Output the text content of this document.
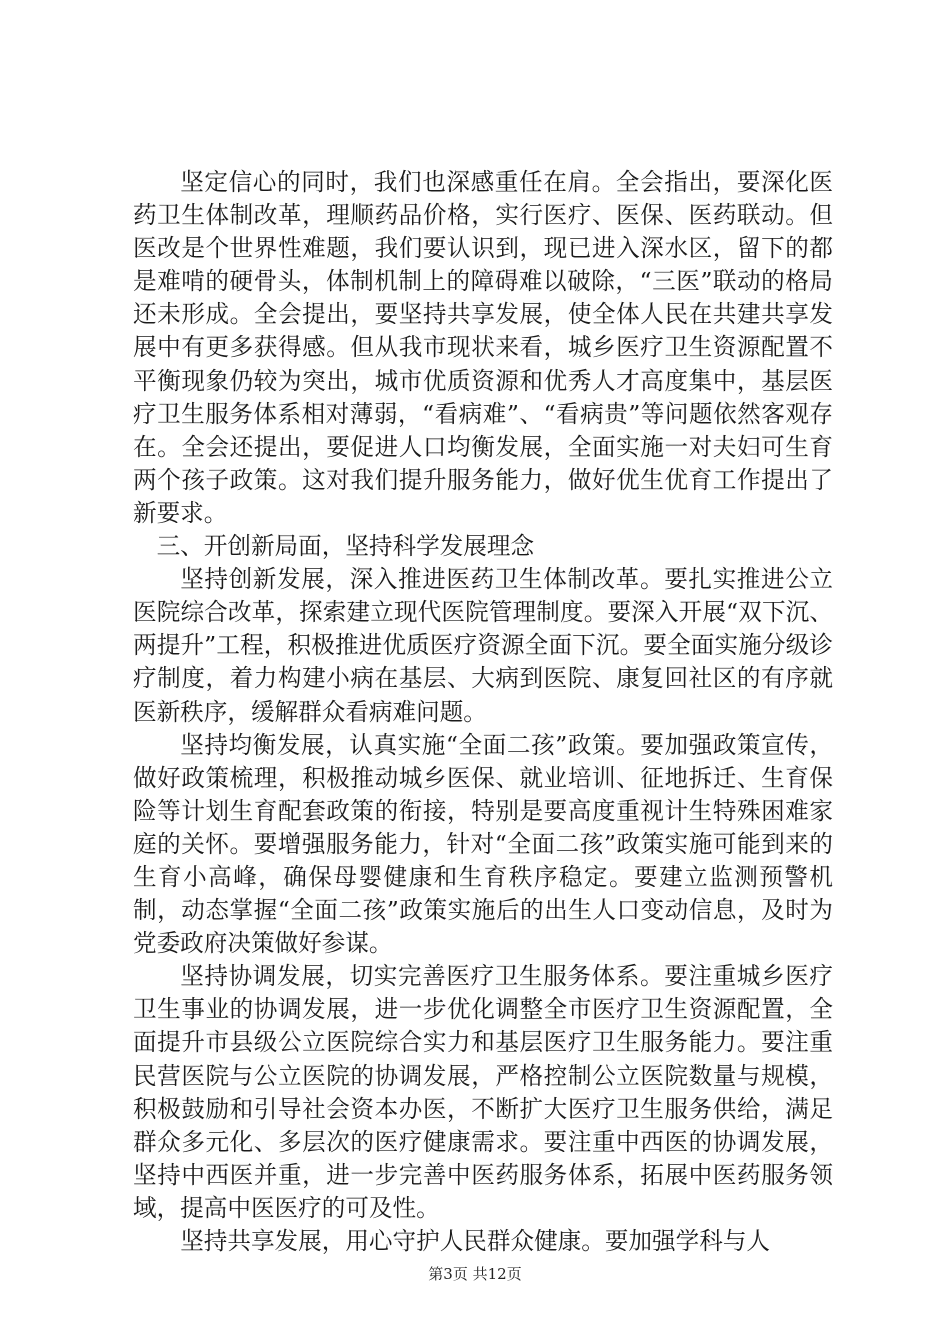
坚定信心的同时，我们也深感重任在肩。全会指出，要深化医药卫生体制改革，理顺药品价格，实行医疗、医保、医药联动。但医改是个世界性难题，我们要认识到，现已进入深水区，留下的都是难啃的硬骨头，体制机制上的障碍难以破除，“三医”联动的格局还未形成。全会提出，要坚持共享发展，使全体人民在共建共享发展中有更多获得感。但从我市现状来看，城乡医疗卫生资源配置不平衡现象仍较为突出，城市优质资源和优秀人才高度集中，基层医疗卫生服务体系相对薄弱，“看病难”、“看病贵”等问题依然客观存在。全会还提出，要促进人口均衡发展，全面实施一对夫妇可生育两个孩子政策。这对我们提升服务能力，做好优生优育工作提出了新要求。

三、开创新局面，坚持科学发展理念

坚持创新发展，深入推进医药卫生体制改革。要扎实推进公立医院综合改革，探索建立现代医院管理制度。要深入开展“双下沉、两提升”工程，积极推进优质医疗资源全面下沉。要全面实施分级诊疗制度，着力构建小病在基层、大病到医院、康复回社区的有序就医新秩序，缓解群众看病难问题。

坚持均衡发展，认真实施“全面二孩”政策。要加强政策宣传，做好政策梳理，积极推动城乡医保、就业培训、征地拆迁、生育保险等计划生育配套政策的衔接，特别是要高度重视计生特殊困难家庭的关怀。要增强服务能力，针对“全面二孩”政策实施可能到来的生育小高峰，确保母婴健康和生育秩序稳定。要建立监测预警机制，动态掌握“全面二孩”政策实施后的出生人口变动信息，及时为党委政府决策做好参谋。

坚持协调发展，切实完善医疗卫生服务体系。要注重城乡医疗卫生事业的协调发展，进一步优化调整全市医疗卫生资源配置，全面提升市县级公立医院综合实力和基层医疗卫生服务能力。要注重民营医院与公立医院的协调发展，严格控制公立医院数量与规模，积极鼓励和引导社会资本办医，不断扩大医疗卫生服务供给，满足群众多元化、多层次的医疗健康需求。要注重中西医的协调发展，坚持中西医并重，进一步完善中医药服务体系，拓展中医药服务领域，提高中医医疗的可及性。

坚持共享发展，用心守护人民群众健康。要加强学科与人

第3页 共12页
